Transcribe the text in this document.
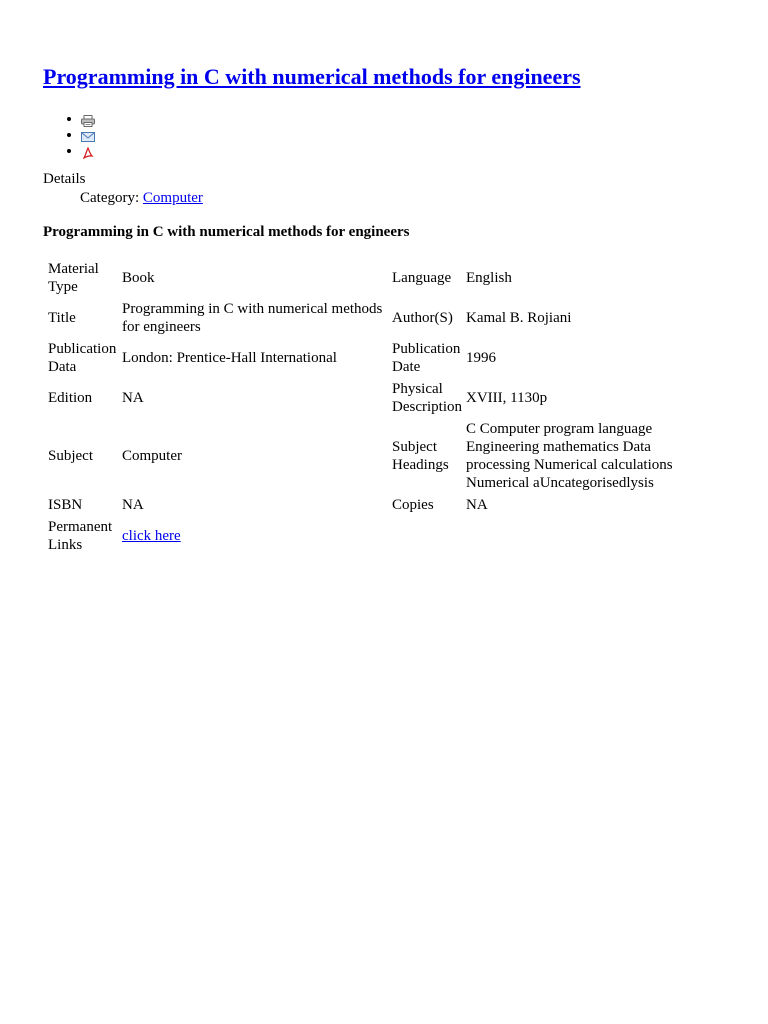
Programming in C with numerical methods for engineers
•
•
•
Details
Category: Computer
Programming in C with numerical methods for engineers
Material Type	Book	Language	English
Title	Programming in C with numerical methods for engineers	Author(S)	Kamal B. Rojiani
Publication Data	London: Prentice-Hall International	Publication Date	1996
Edition	NA	Physical Description	XVIII, 1130p
Subject	Computer	Subject Headings	C Computer program language Engineering mathematics Data processing Numerical calculations Numerical aUncategorisedlysis
ISBN	NA	Copies	NA
Permanent Links	click here		
